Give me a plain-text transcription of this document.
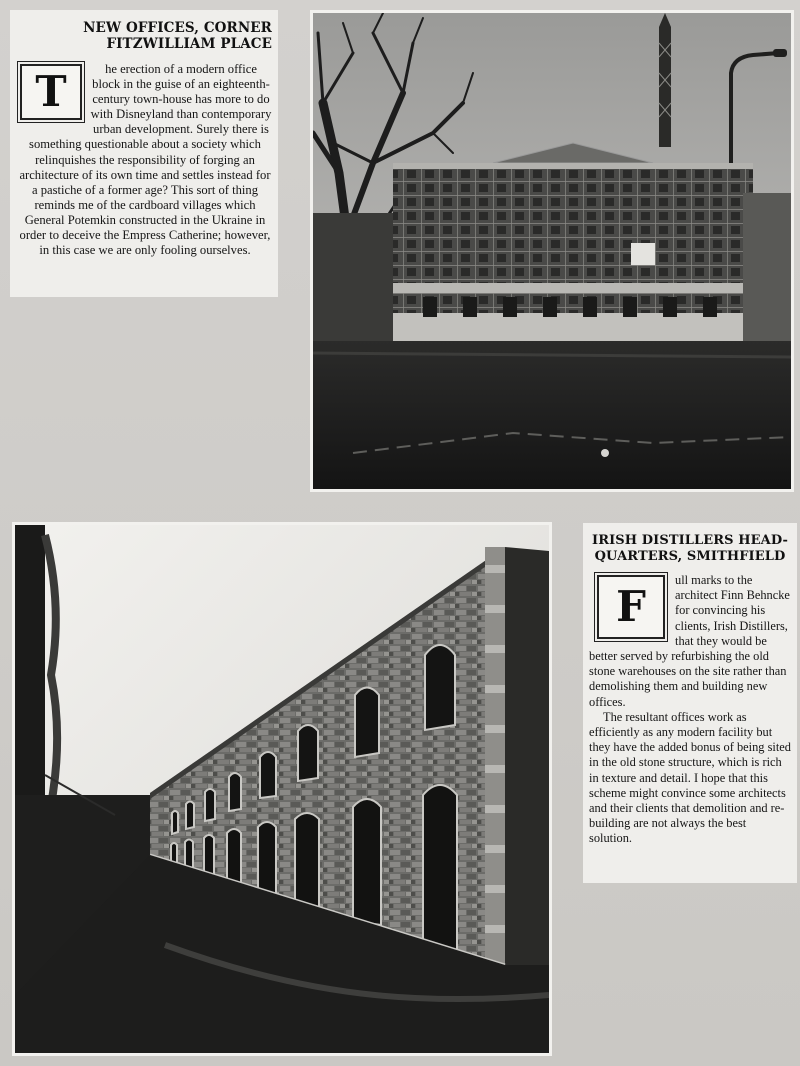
NEW OFFICES, CORNER
FITZWILLIAM PLACE
T	he erection of a modern office block in the guise of an eighteenth-century town-house has more to do with Disneyland than contemporary urban development. Surely there is something questionable about a society which relinquishes the responsibility of forging an architecture of its own time and settles instead for a pastiche of a former age? This sort of thing reminds me of the cardboard villages which General Potemkin constructed in the Ukraine in order to deceive the Empress Catherine; however, in this case we are only fooling ourselves.

IRISH DISTILLERS HEAD-
QUARTERS, SMITHFIELD
F

ull marks to the architect Finn Behncke for convincing his clients, Irish Distillers, that they would be better served by refurbishing the old stone warehouses on the site rather than demolishing them and building new offices.

The resultant offices work as efficiently as any modern facility but they have the added bonus of being sited in the old stone structure, which is rich in texture and detail. I hope that this scheme might convince some architects and their clients that demolition and re-building are not always the best solution.
